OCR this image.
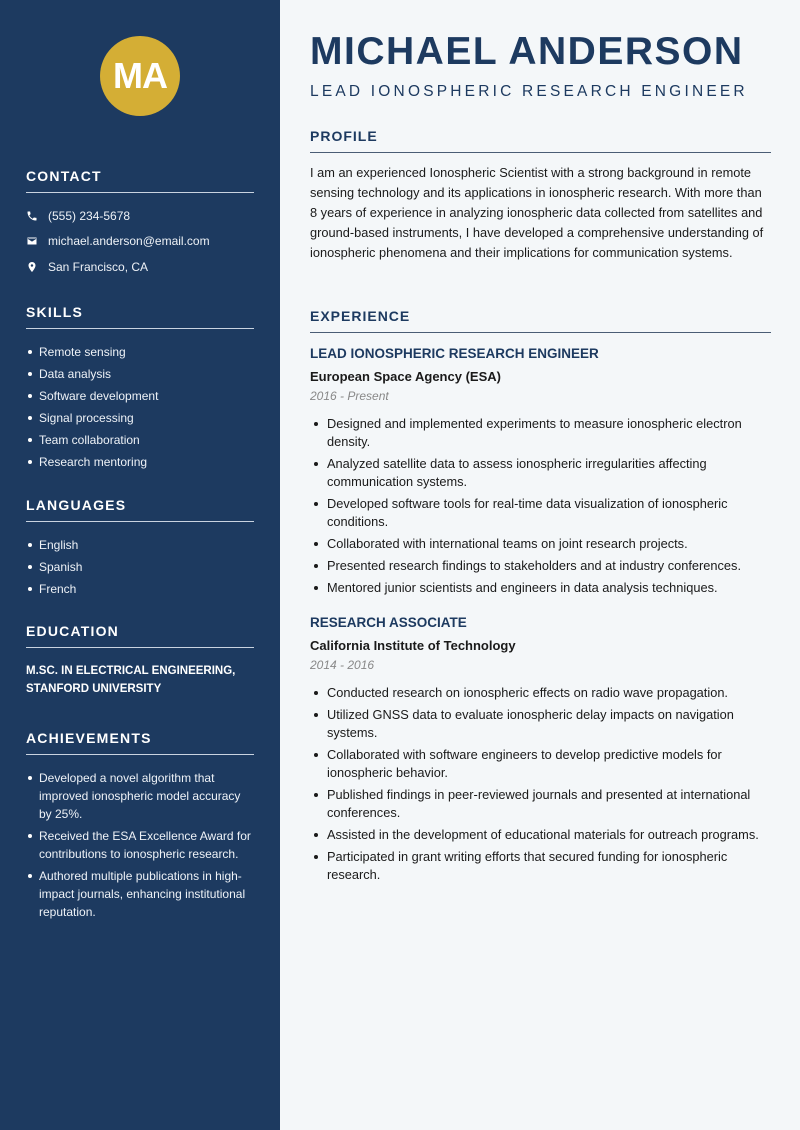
MA
CONTACT
(555) 234-5678
michael.anderson@email.com
San Francisco, CA
SKILLS
Remote sensing
Data analysis
Software development
Signal processing
Team collaboration
Research mentoring
LANGUAGES
English
Spanish
French
EDUCATION
M.SC. IN ELECTRICAL ENGINEERING, STANFORD UNIVERSITY
ACHIEVEMENTS
Developed a novel algorithm that improved ionospheric model accuracy by 25%.
Received the ESA Excellence Award for contributions to ionospheric research.
Authored multiple publications in high-impact journals, enhancing institutional reputation.
MICHAEL ANDERSON
LEAD IONOSPHERIC RESEARCH ENGINEER
PROFILE
I am an experienced Ionospheric Scientist with a strong background in remote sensing technology and its applications in ionospheric research. With more than 8 years of experience in analyzing ionospheric data collected from satellites and ground-based instruments, I have developed a comprehensive understanding of ionospheric phenomena and their implications for communication systems.
EXPERIENCE
LEAD IONOSPHERIC RESEARCH ENGINEER
European Space Agency (ESA)
2016 - Present
Designed and implemented experiments to measure ionospheric electron density.
Analyzed satellite data to assess ionospheric irregularities affecting communication systems.
Developed software tools for real-time data visualization of ionospheric conditions.
Collaborated with international teams on joint research projects.
Presented research findings to stakeholders and at industry conferences.
Mentored junior scientists and engineers in data analysis techniques.
RESEARCH ASSOCIATE
California Institute of Technology
2014 - 2016
Conducted research on ionospheric effects on radio wave propagation.
Utilized GNSS data to evaluate ionospheric delay impacts on navigation systems.
Collaborated with software engineers to develop predictive models for ionospheric behavior.
Published findings in peer-reviewed journals and presented at international conferences.
Assisted in the development of educational materials for outreach programs.
Participated in grant writing efforts that secured funding for ionospheric research.
